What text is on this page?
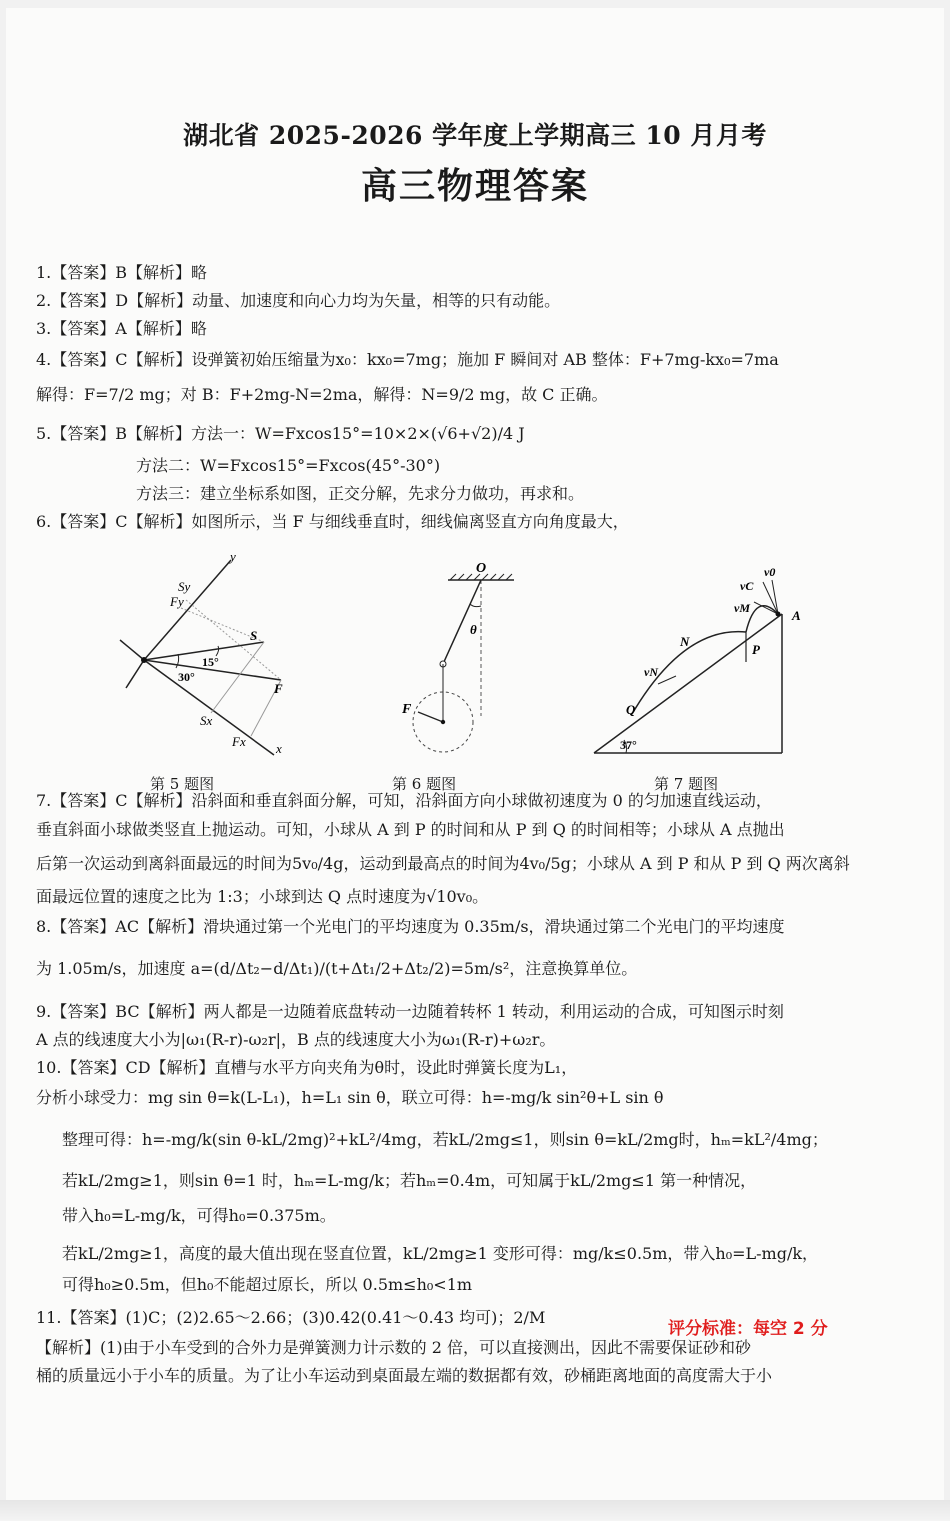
湖北省 2025-2026 学年度上学期高三 10 月月考
高三物理答案
1.【答案】B【解析】略
2.【答案】D【解析】动量、加速度和向心力均为矢量，相等的只有动能。
3.【答案】A【解析】略
4.【答案】C【解析】设弹簧初始压缩量为x₀：kx₀=7mg；施加 F 瞬间对 AB 整体：F+7mg-kx₀=7ma
解得：F=7/2 mg；对 B：F+2mg-N=2ma，解得：N=9/2 mg，故 C 正确。
5.【答案】B【解析】方法一：W=Fxcos15°=10×2×(√6+√2)/4 J
方法二：W=Fxcos15°=Fxcos(45°-30°)
方法三：建立坐标系如图，正交分解，先求分力做功，再求和。
6.【答案】C【解析】如图所示，当 F 与细线垂直时，细线偏离竖直方向角度最大，
7.【答案】C【解析】沿斜面和垂直斜面分解，可知，沿斜面方向小球做初速度为 0 的匀加速直线运动，
垂直斜面小球做类竖直上抛运动。可知，小球从 A 到 P 的时间和从 P 到 Q 的时间相等；小球从 A 点抛出
后第一次运动到离斜面最远的时间为5v₀/4g，运动到最高点的时间为4v₀/5g；小球从 A 到 P 和从 P 到 Q 两次离斜
面最远位置的速度之比为 1:3；小球到达 Q 点时速度为√10v₀。
8.【答案】AC【解析】滑块通过第一个光电门的平均速度为 0.35m/s，滑块通过第二个光电门的平均速度
为 1.05m/s，加速度 a=(d/Δt₂−d/Δt₁)/(t+Δt₁/2+Δt₂/2)=5m/s²，注意换算单位。
9.【答案】BC【解析】两人都是一边随着底盘转动一边随着转杯 1 转动，利用运动的合成，可知图示时刻
A 点的线速度大小为|ω₁(R-r)-ω₂r|，B 点的线速度大小为ω₁(R-r)+ω₂r。
10.【答案】CD【解析】直槽与水平方向夹角为θ时，设此时弹簧长度为L₁，
分析小球受力：mg sin θ=k(L-L₁)，h=L₁ sin θ，联立可得：h=-mg/k sin²θ+L sin θ
整理可得：h=-mg/k(sin θ-kL/2mg)²+kL²/4mg，若kL/2mg≤1，则sin θ=kL/2mg时，hₘ=kL²/4mg；
若kL/2mg≥1，则sin θ=1 时，hₘ=L-mg/k；若hₘ=0.4m，可知属于kL/2mg≤1 第一种情况，
带入h₀=L-mg/k，可得h₀=0.375m。
若kL/2mg≥1，高度的最大值出现在竖直位置，kL/2mg≥1 变形可得：mg/k≤0.5m，带入h₀=L-mg/k，
可得h₀≥0.5m，但h₀不能超过原长，所以 0.5m≤h₀<1m
11.【答案】(1)C；(2)2.65～2.66；(3)0.42(0.41～0.43 均可)；2/M
【解析】(1)由于小车受到的合外力是弹簧测力计示数的 2 倍，可以直接测出，因此不需要保证砂和砂
桶的质量远小于小车的质量。为了让小车运动到桌面最左端的数据都有效，砂桶距离地面的高度需大于小
评分标准：每空 2 分
y
Sy
Fy
S
15°
30°
F
Sx
Fx x
O
θ
F
v0
vC
vM	A
N
P
vN
Q
37°
第 5 题图	第 6 题图	第 7 题图
